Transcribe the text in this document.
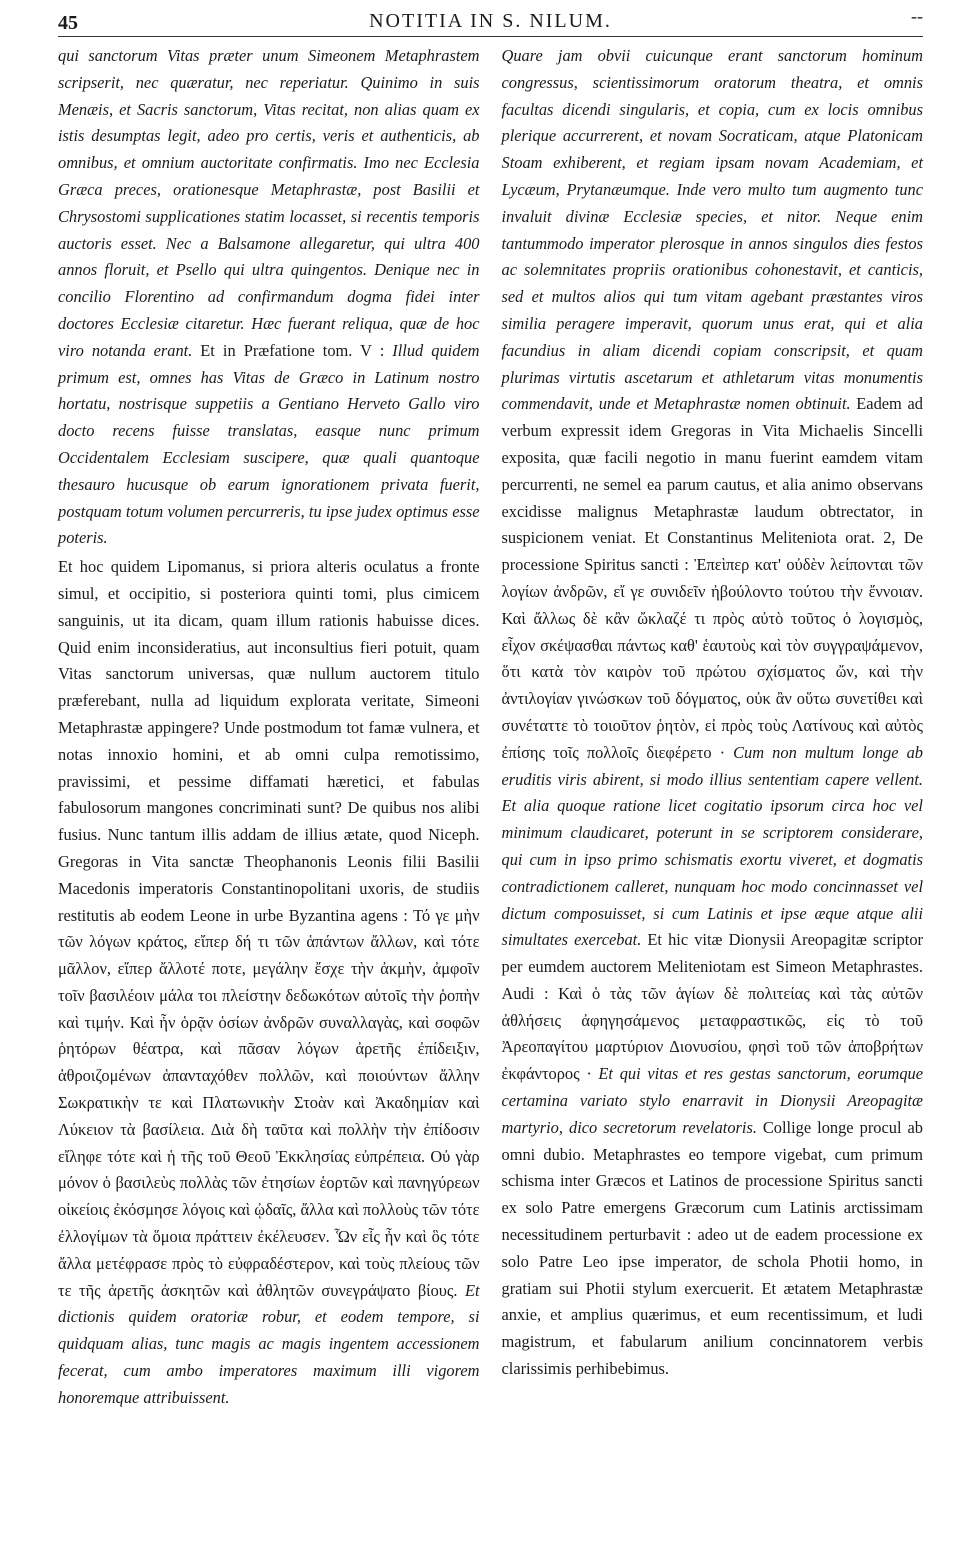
45	NOTITIA IN S. NILUM.	--

qui sanctorum Vitas præter unum Simeonem Metaphrastem scripserit, nec quæratur, nec reperiatur. Quinimo in suis Menæis, et Sacris sanctorum, Vitas recitat, non alias quam ex istis desumptas legit, adeo pro certis, veris et authenticis, ab omnibus, et omnium auctoritate confirmatis. Imo nec Ecclesia Græca preces, orationesque Metaphrastæ, post Basilii et Chrysostomi supplicationes statim locasset, si recentis temporis auctoris esset. Nec a Balsamone allegaretur, qui ultra 400 annos floruit, et Psello qui ultra quingentos. Denique nec in concilio Florentino ad confirmandum dogma fidei inter doctores Ecclesiæ citaretur. Hæc fuerant reliqua, quæ de hoc viro notanda erant. Et in Præfatione tom. V : Illud quidem primum est, omnes has Vitas de Græco in Latinum nostro hortatu, nostrisque suppetiis a Gentiano Herveto Gallo viro docto recens fuisse translatas, easque nunc primum Occidentalem Ecclesiam suscipere, quæ quali quantoque thesauro hucusque ob earum ignorationem privata fuerit, postquam totum volumen percurreris, tu ipse judex optimus esse poteris.

Et hoc quidem Lipomanus, si priora alteris oculatus a fronte simul, et occipitio, si posteriora quinti tomi, plus cimicem sanguinis, ut ita dicam, quam illum rationis habuisse dices. Quid enim inconsideratius, aut inconsultius fieri potuit, quam Vitas sanctorum universas, quæ nullum auctorem titulo præferebant, nulla ad liquidum explorata veritate, Simeoni Metaphrastæ appingere? Unde postmodum tot famæ vulnera, et notas innoxio homini, et ab omni culpa remotissimo, pravissimi, et pessime diffamati hæretici, et fabulas fabulosorum mangones concriminati sunt? De quibus nos alibi fusius. Nunc tantum illis addam de illius ætate, quod Niceph. Gregoras in Vita sanctæ Theophanonis Leonis filii Basilii Macedonis imperatoris Constantinopolitani uxoris, de studiis restitutis ab eodem Leone in urbe Byzantina agens : Τό γε μὴν τῶν λόγων κράτος, εἴπερ δή τι τῶν ἁπάντων ἄλλων, καὶ τότε μᾶλλον, εἴπερ ἄλλοτέ ποτε, μεγάλην ἔσχε τὴν ἀκμὴν, ἀμφοῖν τοῖν βασιλέοιν μάλα τοι πλείστην δεδωκότων αὐτοῖς τὴν ῥοπὴν καὶ τιμήν. Καὶ ἦν ὁρᾷν ὁσίων ἀνδρῶν συναλλαγὰς, καὶ σοφῶν ῥητόρων θέατρα, καὶ πᾶσαν λόγων ἀρετῆς ἐπίδειξιν, ἀθροιζομένων ἁπανταχόθεν πολλῶν, καὶ ποιούντων ἄλλην Σωκρατικὴν τε καὶ Πλατωνικὴν Στοὰν καὶ Ἀκαδημίαν καὶ Λύκειον τὰ βασίλεια. Διὰ δὴ ταῦτα καὶ πολλὴν τὴν ἐπίδοσιν εἴληφε τότε καὶ ἡ τῆς τοῦ Θεοῦ Ἐκκλησίας εὐπρέπεια. Οὐ γὰρ μόνον ὁ βασιλεὺς πολλὰς τῶν ἐτησίων ἑορτῶν καὶ πανηγύρεων οἰκείοις ἐκόσμησε λόγοις καὶ ᾠδαῖς, ἄλλα καὶ πολλοὺς τῶν τότε ἐλλογίμων τὰ ὅμοια πράττειν ἐκέλευσεν. Ὧν εἷς ἦν καὶ ὃς τότε ἄλλα μετέφρασε πρὸς τὸ εὐφραδέστερον, καὶ τοὺς πλείους τῶν τε τῆς ἀρετῆς ἀσκητῶν καὶ ἀθλητῶν συνεγράψατο βίους. Et dictionis quidem oratoriæ robur, et eodem tempore, si quidquam alias, tunc magis ac magis ingentem accessionem fecerat, cum ambo imperatores maximum illi vigorem honoremque attribuissent.

Quare jam obvii cuicunque erant sanctorum hominum congressus, scientissimorum oratorum theatra, et omnis facultas dicendi singularis, et copia, cum ex locis omnibus plerique accurrerent, et novam Socraticam, atque Platonicam Stoam exhiberent, et regiam ipsam novam Academiam, et Lycæum, Prytanæumque. Inde vero multo tum augmento tunc invaluit divinæ Ecclesiæ species, et nitor. Neque enim tantummodo imperator plerosque in annos singulos dies festos ac solemnitates propriis orationibus cohonestavit, et canticis, sed et multos alios qui tum vitam agebant præstantes viros similia peragere imperavit, quorum unus erat, qui et alia facundius in aliam dicendi copiam conscripsit, et quam plurimas virtutis ascetarum et athletarum vitas monumentis commendavit, unde et Metaphrastæ nomen obtinuit. Eadem ad verbum expressit idem Gregoras in Vita Michaelis Sincelli exposita, quæ facili negotio in manu fuerint eamdem vitam percurrenti, ne semel ea parum cautus, et alia animo observans excidisse malignus Metaphrastæ laudum obtrectator, in suspicionem veniat. Et Constantinus Meliteniota orat. 2, De processione Spiritus sancti : Ἐπεὶπερ κατ' οὐδὲν λείπονται τῶν λογίων ἀνδρῶν, εἴ γε συνιδεῖν ἠβούλοντο τούτου τὴν ἔννοιαν. Καὶ ἄλλως δὲ κἂν ὤκλαζέ τι πρὸς αὐτὸ τοῦτος ὁ λογισμὸς, εἶχον σκέψασθαι πάντως καθ' ἑαυτοὺς καὶ τὸν συγγραψάμενον, ὅτι κατὰ τὸν καιρὸν τοῦ πρώτου σχίσματος ὤν, καὶ τὴν ἀντιλογίαν γινώσκων τοῦ δόγματος, οὐκ ἂν οὕτω συνετίθει καὶ συνέταττε τὸ τοιοῦτον ῥητὸν, εἰ πρὸς τοὺς Λατίνους καὶ αὐτὸς ἐπίσης τοῖς πολλοῖς διεφέρετο · Cum non multum longe ab eruditis viris abirent, si modo illius sententiam capere vellent. Et alia quoque ratione licet cogitatio ipsorum circa hoc vel minimum claudicaret, poterunt in se scriptorem considerare, qui cum in ipso primo schismatis exortu viveret, et dogmatis contradictionem calleret, nunquam hoc modo concinnasset vel dictum composuisset, si cum Latinis et ipse æque atque alii simultates exercebat. Et hic vitæ Dionysii Areopagitæ scriptor per eumdem auctorem Meliteniotam est Simeon Metaphrastes. Audi : Καὶ ὁ τὰς τῶν ἁγίων δὲ πολιτείας καὶ τὰς αὐτῶν ἀθλήσεις ἀφηγησάμενος μεταφραστικῶς, εἰς τὸ τοῦ Ἀρεοπαγίτου μαρτύριον Διονυσίου, φησὶ τοῦ τῶν ἀποβρήτων ἐκφάντορος · Et qui vitas et res gestas sanctorum, eorumque certamina variato stylo enarravit in Dionysii Areopagitæ martyrio, dico secretorum revelatoris. Collige longe procul ab omni dubio. Metaphrastes eo tempore vigebat, cum primum schisma inter Græcos et Latinos de processione Spiritus sancti ex solo Patre emergens Græcorum cum Latinis arctissimam necessitudinem perturbavit : adeo ut de eadem processione ex solo Patre Leo ipse imperator, de schola Photii homo, in gratiam sui Photii stylum exercuerit. Et ætatem Metaphrastæ anxie, et amplius quærimus, et eum recentissimum, et ludi magistrum, et fabularum anilium concinnatorem verbis clarissimis perhibebimus.
